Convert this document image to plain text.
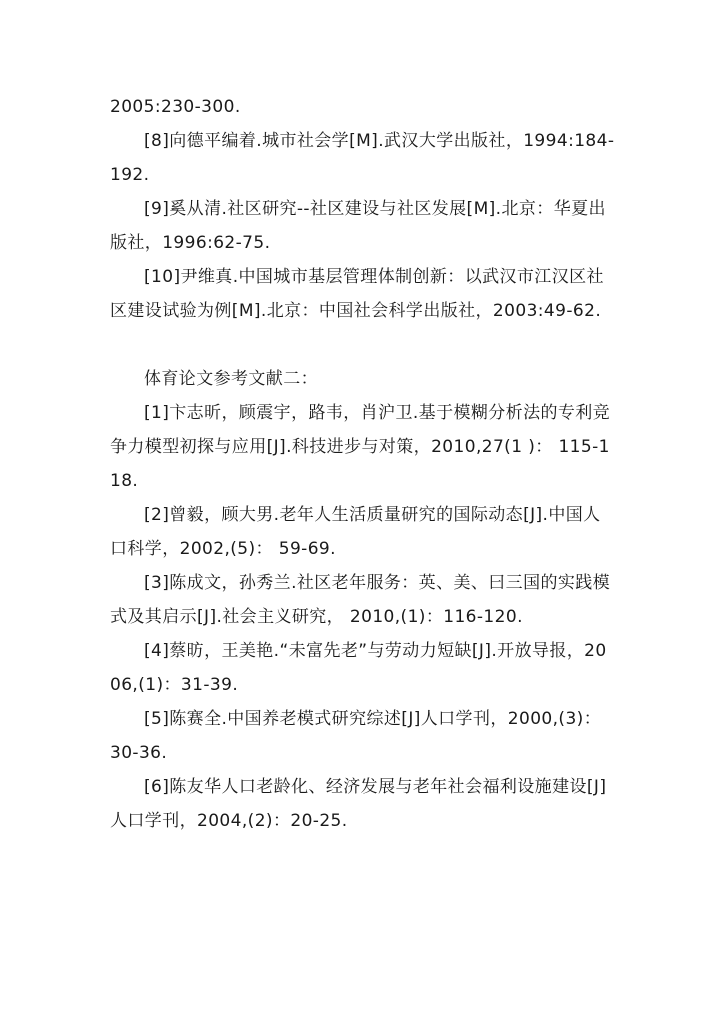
2005:230-300.

[8]向德平编着.城市社会学[M].武汉大学出版社，1994:184-192.

[9]奚从清.社区研究--社区建设与社区发展[M].北京：华夏出版社，1996:62-75.

[10]尹维真.中国城市基层管理体制创新：以武汉市江汉区社区建设试验为例[M].北京：中国社会科学出版社，2003:49-62.

体育论文参考文献二：

[1]卞志昕，顾震宇，路韦，肖沪卫.基于模糊分析法的专利竞争力模型初探与应用[J].科技进步与对策，2010,27(1 )： 115-118.

[2]曾毅，顾大男.老年人生活质量研究的国际动态[J].中国人口科学，2002,(5)： 59-69.

[3]陈成文，孙秀兰.社区老年服务：英、美、曰三国的实践模式及其启示[J].社会主义研究， 2010,(1)：116-120.

[4]蔡昉，王美艳.“未富先老”与劳动力短缺[J].开放导报，2006,(1)：31-39.

[5]陈赛全.中国养老模式研究综述[J]人口学刊，2000,(3)： 30-36.

[6]陈友华人口老龄化、经济发展与老年社会福利设施建设[J]人口学刊，2004,(2)：20-25.
